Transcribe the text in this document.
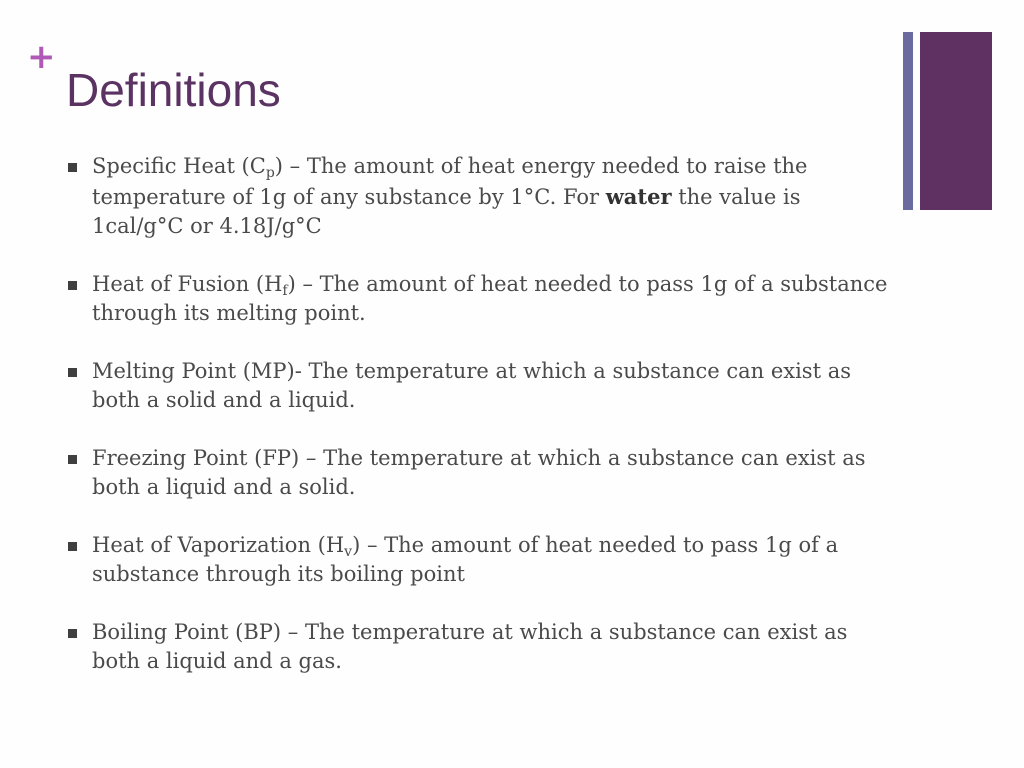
+
Definitions
Specific Heat $(C_p)$ – The amount of heat energy needed to raise the temperature of 1g of any substance by 1°C. For water the value is 1cal/g°C or 4.18J/g°C
Heat of Fusion $(H_f)$ – The amount of heat needed to pass 1g of a substance through its melting point.
Melting Point (MP)- The temperature at which a substance can exist as both a solid and a liquid.
Freezing Point (FP) – The temperature at which a substance can exist as both a liquid and a solid.
Heat of Vaporization $(H_v)$ – The amount of heat needed to pass 1g of a substance through its boiling point
Boiling Point (BP) – The temperature at which a substance can exist as both a liquid and a gas.
